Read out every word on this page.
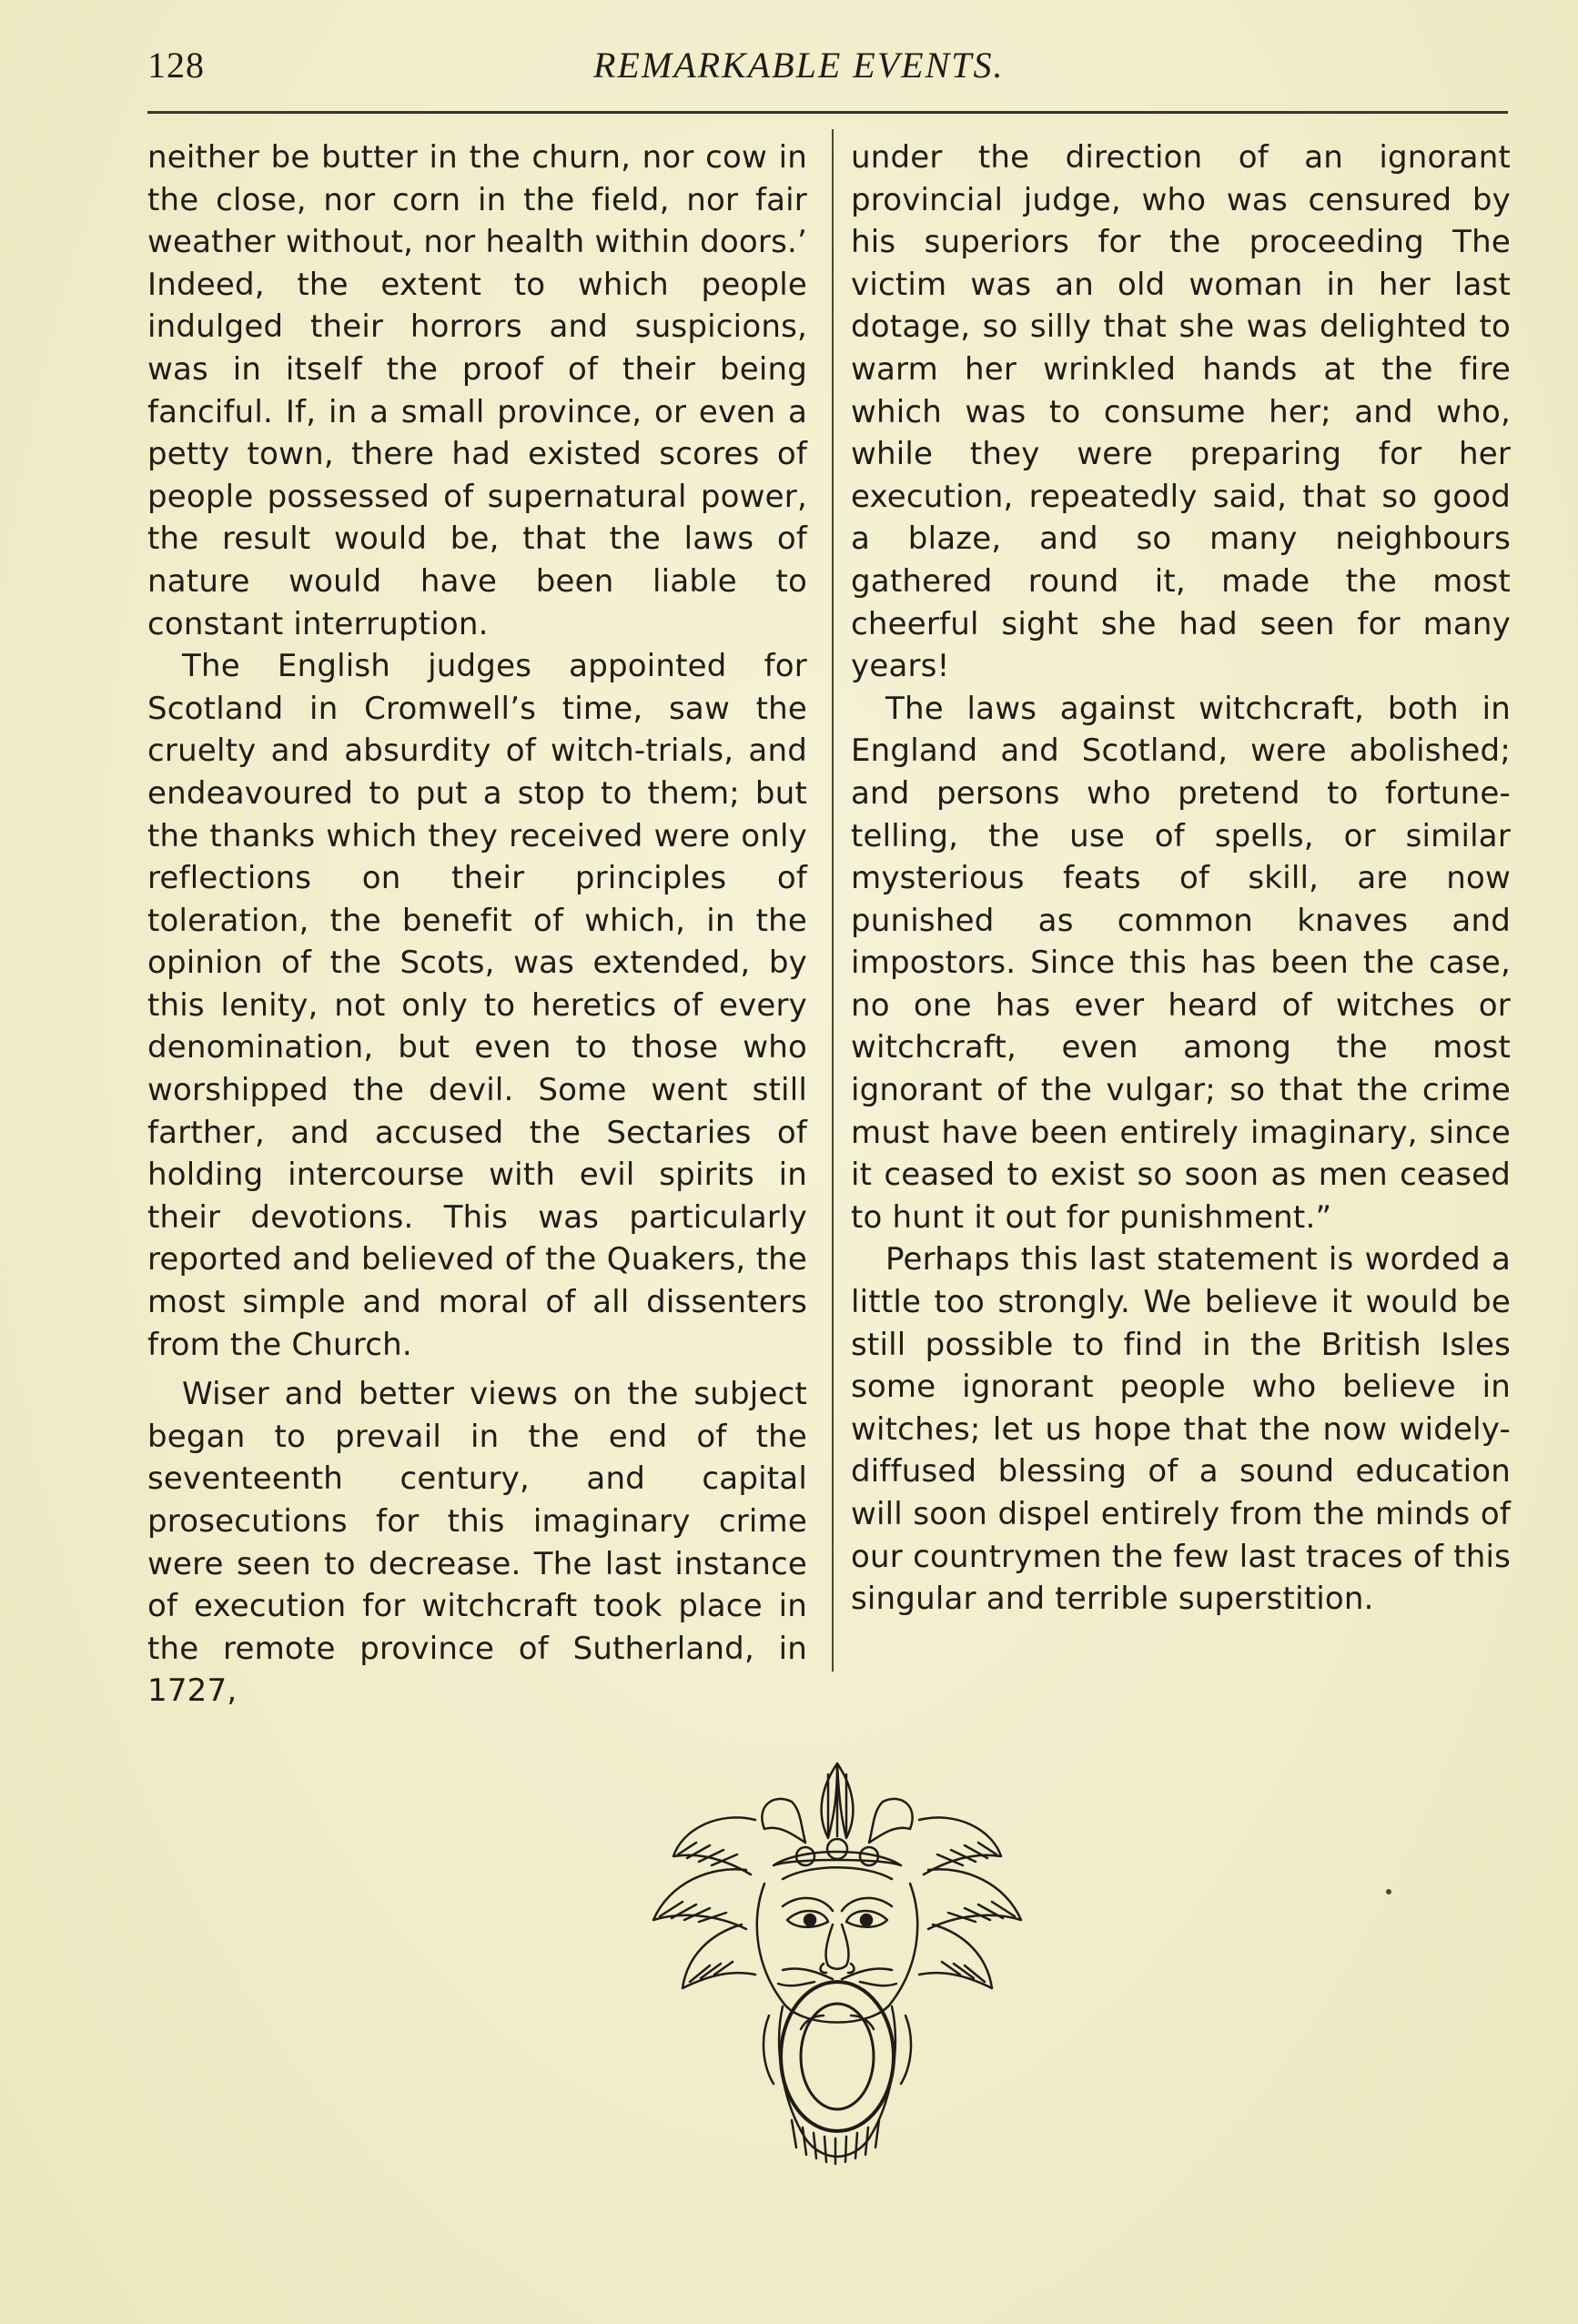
128	REMARKABLE EVENTS.

neither be butter in the churn, nor cow in the close, nor corn in the field, nor fair weather without, nor health within doors.’ Indeed, the extent to which people indulged their horrors and suspicions, was in itself the proof of their being fanciful. If, in a small province, or even a petty town, there had existed scores of people possessed of supernatural power, the result would be, that the laws of nature would have been liable to constant interruption.

The English judges appointed for Scotland in Cromwell’s time, saw the cruelty and absurdity of witch-trials, and endeavoured to put a stop to them; but the thanks which they received were only reflections on their principles of toleration, the benefit of which, in the opinion of the Scots, was extended, by this lenity, not only to heretics of every denomination, but even to those who worshipped the devil. Some went still farther, and accused the Sectaries of holding intercourse with evil spirits in their devotions. This was particularly reported and believed of the Quakers, the most simple and moral of all dissenters from the Church.

Wiser and better views on the subject began to prevail in the end of the seventeenth century, and capital prosecutions for this imaginary crime were seen to decrease. The last instance of execution for witchcraft took place in the remote province of Sutherland, in 1727,

under the direction of an ignorant provincial judge, who was censured by his superiors for the proceeding The victim was an old woman in her last dotage, so silly that she was delighted to warm her wrinkled hands at the fire which was to consume her; and who, while they were preparing for her execution, repeatedly said, that so good a blaze, and so many neighbours gathered round it, made the most cheerful sight she had seen for many years!

The laws against witchcraft, both in England and Scotland, were abolished; and persons who pretend to fortune-telling, the use of spells, or similar mysterious feats of skill, are now punished as common knaves and impostors. Since this has been the case, no one has ever heard of witches or witchcraft, even among the most ignorant of the vulgar; so that the crime must have been entirely imaginary, since it ceased to exist so soon as men ceased to hunt it out for punishment.”

Perhaps this last statement is worded a little too strongly. We believe it would be still possible to find in the British Isles some ignorant people who believe in witches; let us hope that the now widely-diffused blessing of a sound education will soon dispel entirely from the minds of our countrymen the few last traces of this singular and terrible superstition.
